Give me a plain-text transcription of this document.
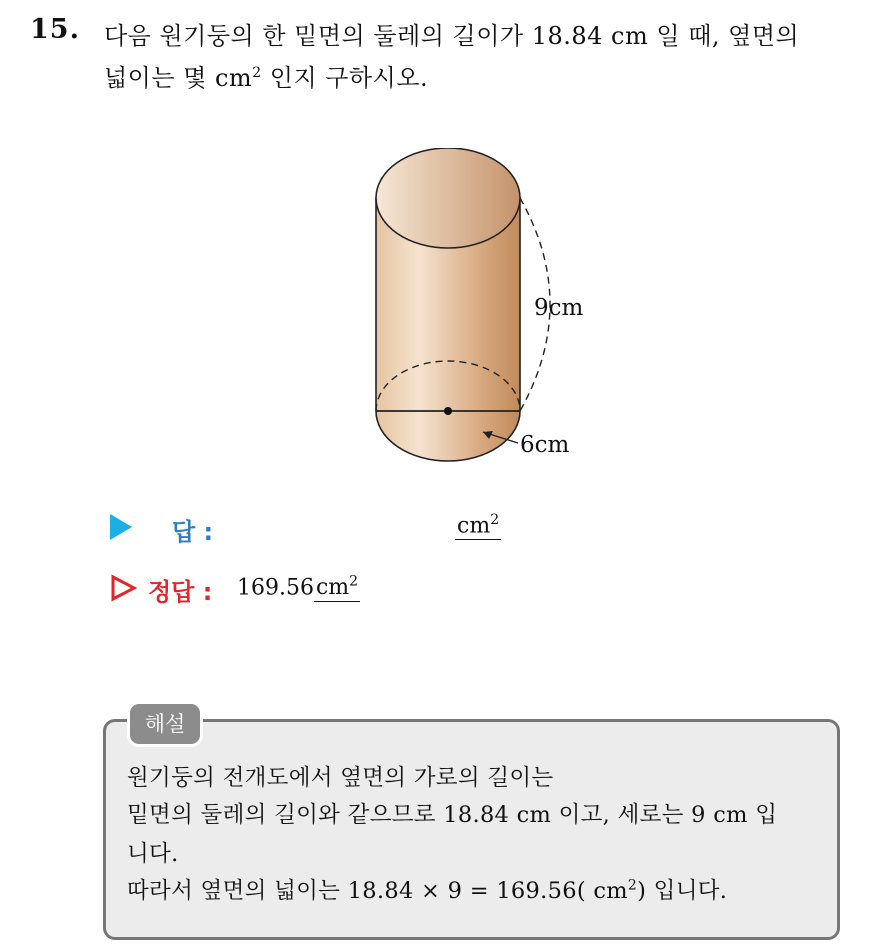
15. 다음 원기둥의 한 밑면의 둘레의 길이가 18.84 cm 일 때, 옆면의
넓이는 몇 $cm^2$ 인지 구하시오.
9cm
6cm
답 :	$cm^2$
정답 : $169.56cm^2$
해설
원기둥의 전개도에서 옆면의 가로의 길이는
밑면의 둘레의 길이와 같으므로 18.84 cm 이고, 세로는 9 cm 입
니다.
따라서 옆면의 넓이는 18.84 × 9 = 169.56( $cm^2$) 입니다.
